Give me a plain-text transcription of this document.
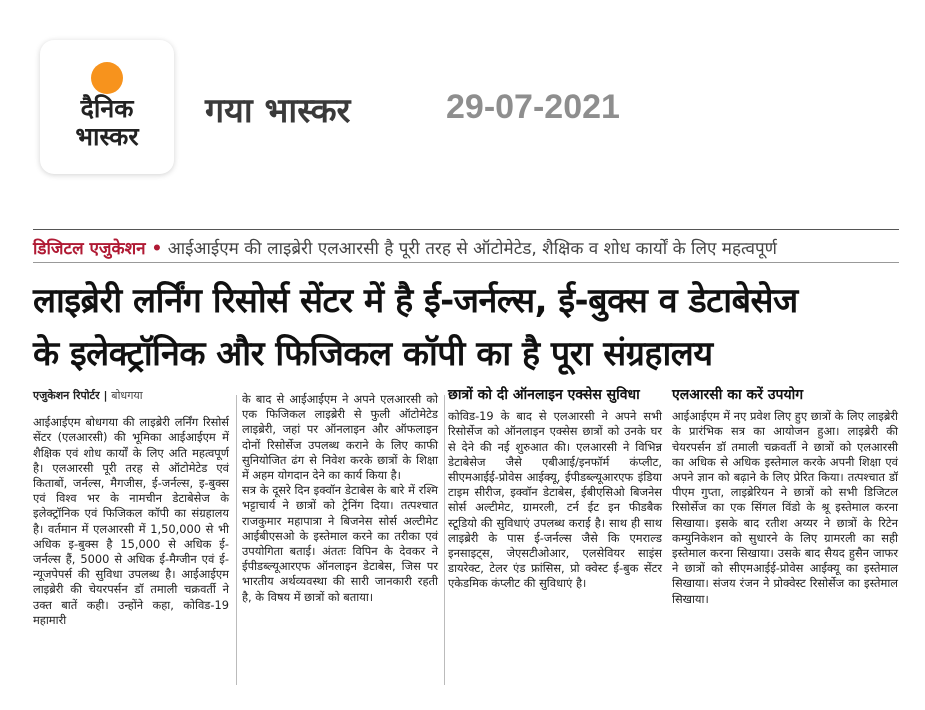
दैनिक
भास्कर
गया भास्कर	29-07-2021
डिजिटल एजुकेशन • आईआईएम की लाइब्रेरी एलआरसी है पूरी तरह से ऑटोमेटेड, शैक्षिक व शोध कार्यों के लिए महत्वपूर्ण
लाइब्रेरी लर्निंग रिसोर्स सेंटर में है ई-जर्नल्स, ई-बुक्स व डेटाबेसेज
के इलेक्ट्रॉनिक और फिजिकल कॉपी का है पूरा संग्रहालय
एजुकेशन रिपोर्टर | बोधगया

आईआईएम बोधगया की लाइब्रेरी लर्निंग रिसोर्स सेंटर (एलआरसी) की भूमिका आईआईएम में शैक्षिक एवं शोध कार्यों के लिए अति महत्वपूर्ण है। एलआरसी पूरी तरह से ऑटोमेटेड एवं किताबों, जर्नल्स, मैगजीस, ई-जर्नल्स, इ-बुक्स एवं विश्व भर के नामचीन डेटाबेसेज के इलेक्ट्रॉनिक एवं फिजिकल कॉपी का संग्रहालय है। वर्तमान में एलआरसी में 1,50,000 से भी अधिक इ-बुक्स है 15,000 से अधिक ई-जर्नल्स हैं, 5000 से अधिक ई-मैग्जीन एवं ई-न्यूजपेपर्स की सुविधा उपलब्ध है। आईआईएम लाइब्रेरी की चेयरपर्सन डॉ तमाली चक्रवर्ती ने उक्त बातें कही। उन्होंने कहा, कोविड-19 महामारी

के बाद से आईआईएम ने अपने एलआरसी को एक फिजिकल लाइब्रेरी से फुली ऑटोमेटेड लाइब्रेरी, जहां पर ऑनलाइन और ऑफलाइन दोनों रिसोर्सेज उपलब्ध कराने के लिए काफी सुनियोजित ढंग से निवेश करके छात्रों के शिक्षा में अहम योगदान देने का कार्य किया है।
सत्र के दूसरे दिन इक्वॉन डेटाबेस के बारे में रश्मि भट्टाचार्य ने छात्रों को ट्रेनिंग दिया। तत्पश्चात राजकुमार महापात्रा ने बिजनेस सोर्स अल्टीमेट आईबीएसओ के इस्तेमाल करने का तरीका एवं उपयोगिता बताई। अंततः विपिन के देवकर ने ईपीडब्ल्यूआरएफ ऑनलाइन डेटाबेस, जिस पर भारतीय अर्थव्यवस्था की सारी जानकारी रहती है, के विषय में छात्रों को बताया।

छात्रों को दी ऑनलाइन एक्सेस सुविधा

कोविड-19 के बाद से एलआरसी ने अपने सभी रिसोर्सेज को ऑनलाइन एक्सेस छात्रों को उनके घर से देने की नई शुरुआत की। एलआरसी ने विभिन्न डेटाबेसेज जैसे एबीआई/इनफॉर्म कंप्लीट, सीएमआईई-प्रोवेस आईक्यू, ईपीडब्ल्यूआरएफ इंडिया टाइम सीरीज, इक्वॉन डेटाबेस, ईबीएसिओ बिजनेस सोर्स अल्टीमेट, ग्रामरली, टर्न ईट इन फीडबैक स्टूडियो की सुविधाएं उपलब्ध कराई है। साथ ही साथ लाइब्रेरी के पास ई-जर्नल्स जैसे कि एमराल्ड इनसाइट्स, जेएसटीओआर, एलसेवियर साइंस डायरेक्ट, टेलर एंड फ्रांसिस, प्रो क्वेस्ट ई-बुक सेंटर एकेडमिक कंप्लीट की सुविधाएं है।

एलआरसी का करें उपयोग

आईआईएम में नए प्रवेश लिए हुए छात्रों के लिए लाइब्रेरी के प्रारंभिक सत्र का आयोजन हुआ। लाइब्रेरी की चेयरपर्सन डॉ तमाली चक्रवर्ती ने छात्रों को एलआरसी का अधिक से अधिक इस्तेमाल करके अपनी शिक्षा एवं अपने ज्ञान को बढ़ाने के लिए प्रेरित किया। तत्पश्चात डॉ पीएम गुप्ता, लाइब्रेरियन ने छात्रों को सभी डिजिटल रिसोर्सेज का एक सिंगल विंडो के श्रू इस्तेमाल करना सिखाया। इसके बाद रतीश अय्यर ने छात्रों के रिटेन कम्युनिकेशन को सुधारने के लिए ग्रामरली का सही इस्तेमाल करना सिखाया। उसके बाद सैयद हुसैन जाफर ने छात्रों को सीएमआईई-प्रोवेस आईक्यू का इस्तेमाल सिखाया। संजय रंजन ने प्रोक्वेस्ट रिसोर्सेज का इस्तेमाल सिखाया।
